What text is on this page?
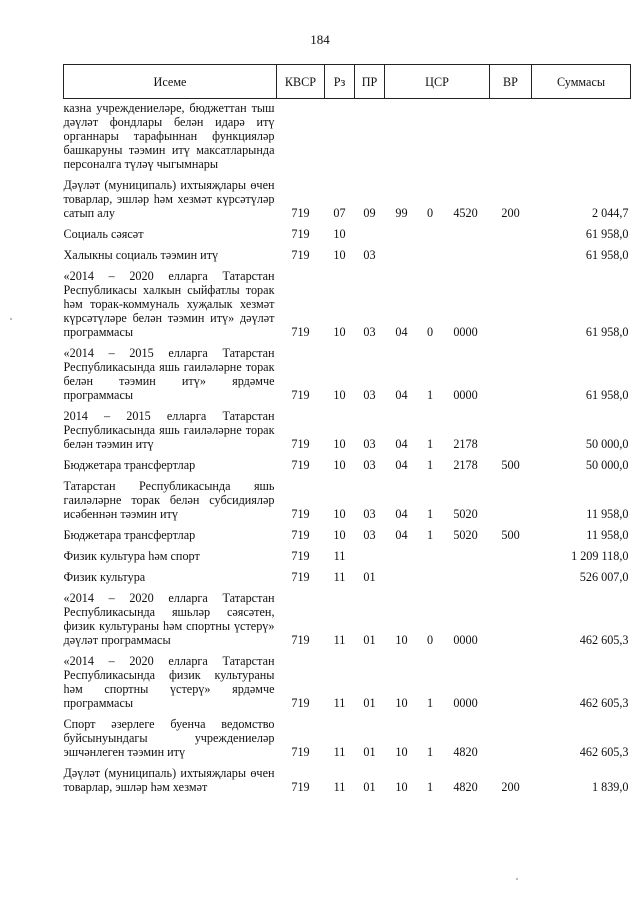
184
Исеме	КВСР	Рз	ПР	ЦСР			ВР	Суммасы
казна учреждениеләре, бюджеттан тыш дәүләт фондлары белән идарә итү органнары тарафыннан функцияләр башкаруны тәэмин итү максатларында персоналга түләү чыгымнары								
Дәүләт (муниципаль) ихтыяҗлары өчен товарлар, эшләр һәм хезмәт күрсәтүләр сатып алу	719	07	09	99	0	4520	200	2 044,7
Социаль сәясәт	719	10						61 958,0
Халыкны социаль тәэмин итү	719	10	03					61 958,0
«2014 – 2020 елларга Татарстан Республикасы халкын сыйфатлы торак һәм торак-коммуналь хуҗалык хезмәт күрсәтүләре белән тәэмин итү» дәүләт программасы	719	10	03	04	0	0000		61 958,0
«2014 – 2015 елларга Татарстан Республикасында яшь гаиләләрне торак белән тәэмин итү» ярдәмче программасы	719	10	03	04	1	0000		61 958,0
2014 – 2015 елларга Татарстан Республикасында яшь гаиләләрне торак белән тәэмин итү	719	10	03	04	1	2178		50 000,0
Бюджетара трансфертлар	719	10	03	04	1	2178	500	50 000,0
Татарстан Республикасында яшь гаиләләрне торак белән субсидияләр исәбеннән тәэмин итү	719	10	03	04	1	5020		11 958,0
Бюджетара трансфертлар	719	10	03	04	1	5020	500	11 958,0
Физик культура һәм спорт	719	11						1 209 118,0
Физик культура	719	11	01					526 007,0
«2014 – 2020 елларга Татарстан Республикасында яшьләр сәясәтен, физик культураны һәм спортны үстерү» дәүләт программасы	719	11	01	10	0	0000		462 605,3
«2014 – 2020 елларга Татарстан Республикасында физик культураны һәм спортны үстерү» ярдәмче программасы	719	11	01	10	1	0000		462 605,3
Спорт әзерлеге буенча ведомство буйсынуындагы учреждениеләр эшчәнлеген тәэмин итү	719	11	01	10	1	4820		462 605,3
Дәүләт (муниципаль) ихтыяҗлары өчен товарлар, эшләр һәм хезмәт	719	11	01	10	1	4820	200	1 839,0
